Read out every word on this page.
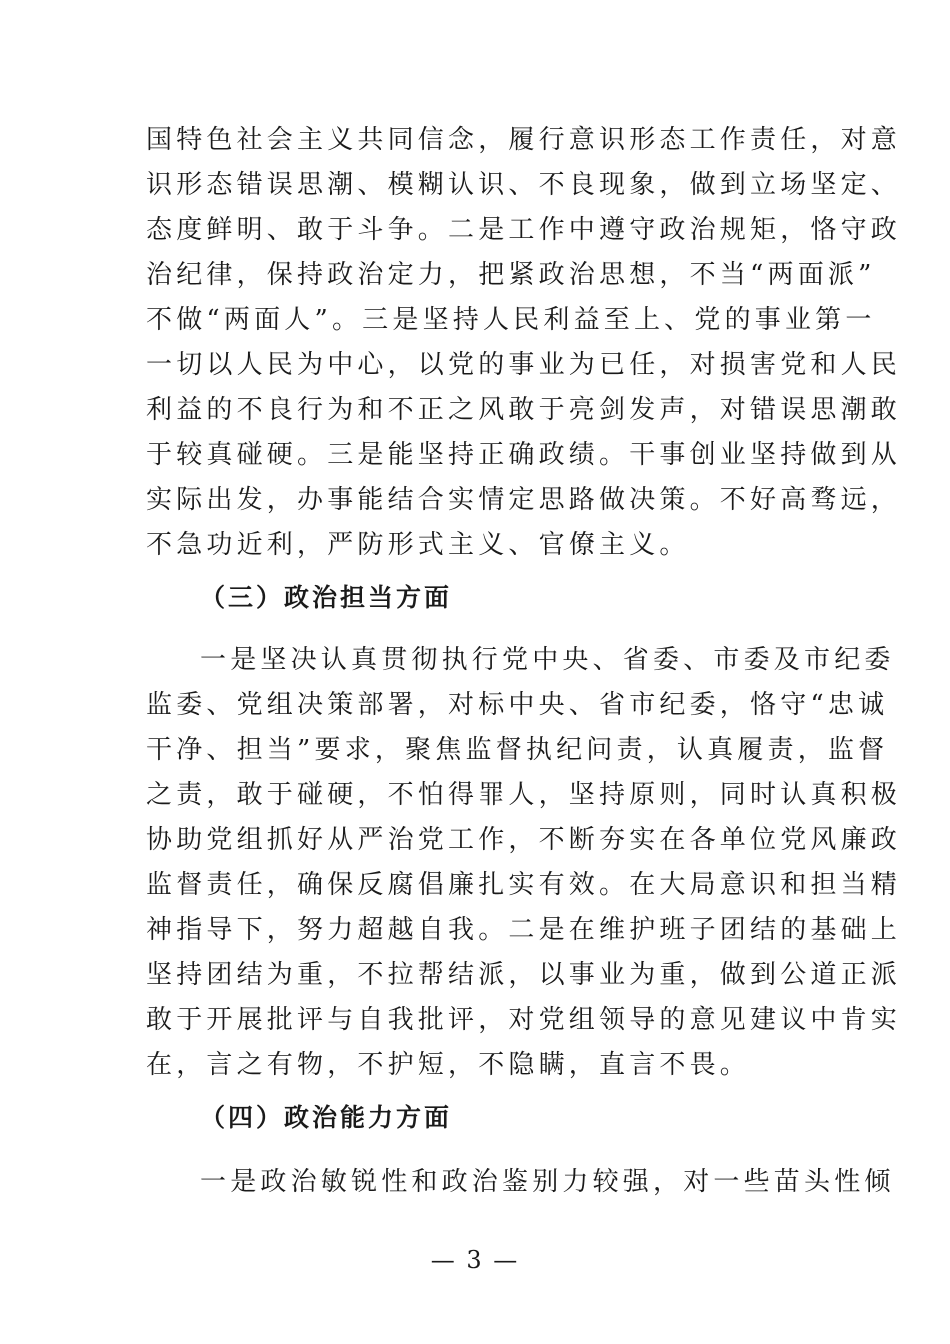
国特色社会主义共同信念，履行意识形态工作责任，对意
识形态错误思潮、模糊认识、不良现象，做到立场坚定、
态度鲜明、敢于斗争。二是工作中遵守政治规矩，恪守政
治纪律，保持政治定力，把紧政治思想，不当“两面派”
不做“两面人”。三是坚持人民利益至上、党的事业第一
一切以人民为中心，以党的事业为已任，对损害党和人民
利益的不良行为和不正之风敢于亮剑发声，对错误思潮敢
于较真碰硬。三是能坚持正确政绩。干事创业坚持做到从
实际出发，办事能结合实情定思路做决策。不好高骛远，
不急功近利，严防形式主义、官僚主义。
（三）政治担当方面
一是坚决认真贯彻执行党中央、省委、市委及市纪委
监委、党组决策部署，对标中央、省市纪委，恪守“忠诚
干净、担当”要求，聚焦监督执纪问责，认真履责，监督
之责，敢于碰硬，不怕得罪人，坚持原则，同时认真积极
协助党组抓好从严治党工作，不断夯实在各单位党风廉政
监督责任，确保反腐倡廉扎实有效。在大局意识和担当精
神指导下，努力超越自我。二是在维护班子团结的基础上
坚持团结为重，不拉帮结派，以事业为重，做到公道正派
敢于开展批评与自我批评，对党组领导的意见建议中肯实
在，言之有物，不护短，不隐瞒，直言不畏。
（四）政治能力方面
一是政治敏锐性和政治鉴别力较强，对一些苗头性倾
— 3 —
